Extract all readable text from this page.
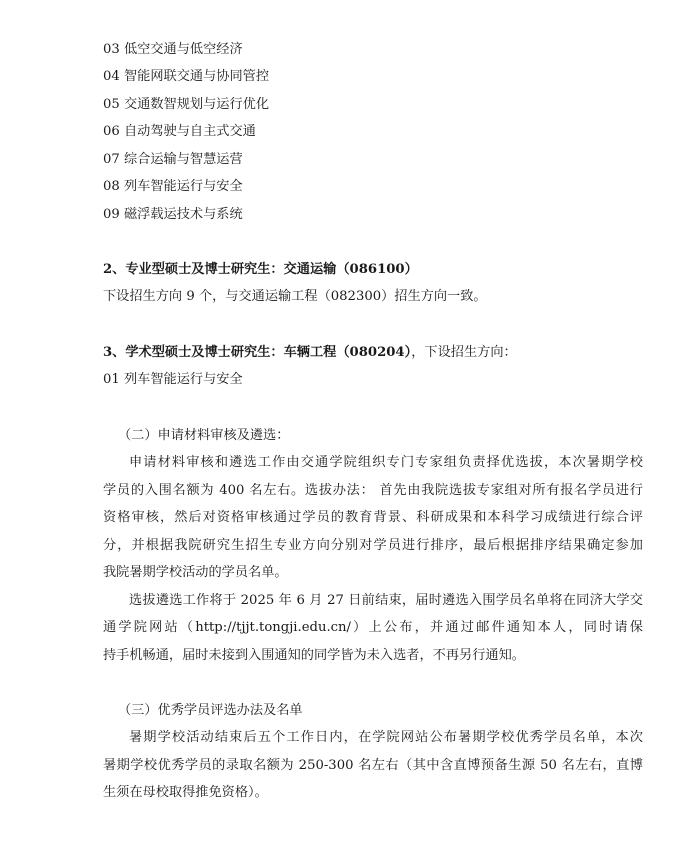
03 低空交通与低空经济
04 智能网联交通与协同管控
05 交通数智规划与运行优化
06 自动驾驶与自主式交通
07 综合运输与智慧运营
08 列车智能运行与安全
09 磁浮载运技术与系统
2、专业型硕士及博士研究生：交通运输（086100）
下设招生方向 9 个，与交通运输工程（082300）招生方向一致。
3、学术型硕士及博士研究生：车辆工程（080204），下设招生方向：
01 列车智能运行与安全
（二）申请材料审核及遴选：
申请材料审核和遴选工作由交通学院组织专门专家组负责择优选拔，本次暑期学校
学员的入围名额为 400 名左右。选拔办法： 首先由我院选拔专家组对所有报名学员进行
资格审核，然后对资格审核通过学员的教育背景、科研成果和本科学习成绩进行综合评
分，并根据我院研究生招生专业方向分别对学员进行排序，最后根据排序结果确定参加
我院暑期学校活动的学员名单。
选拔遴选工作将于 2025 年 6 月 27 日前结束，届时遴选入围学员名单将在同济大学交
通学院网站（http://tjjt.tongji.edu.cn/）上公布，并通过邮件通知本人，同时请保
持手机畅通，届时未接到入围通知的同学皆为未入选者，不再另行通知。
（三）优秀学员评选办法及名单
暑期学校活动结束后五个工作日内，在学院网站公布暑期学校优秀学员名单，本次
暑期学校优秀学员的录取名额为 250-300 名左右（其中含直博预备生源 50 名左右，直博
生须在母校取得推免资格）。
